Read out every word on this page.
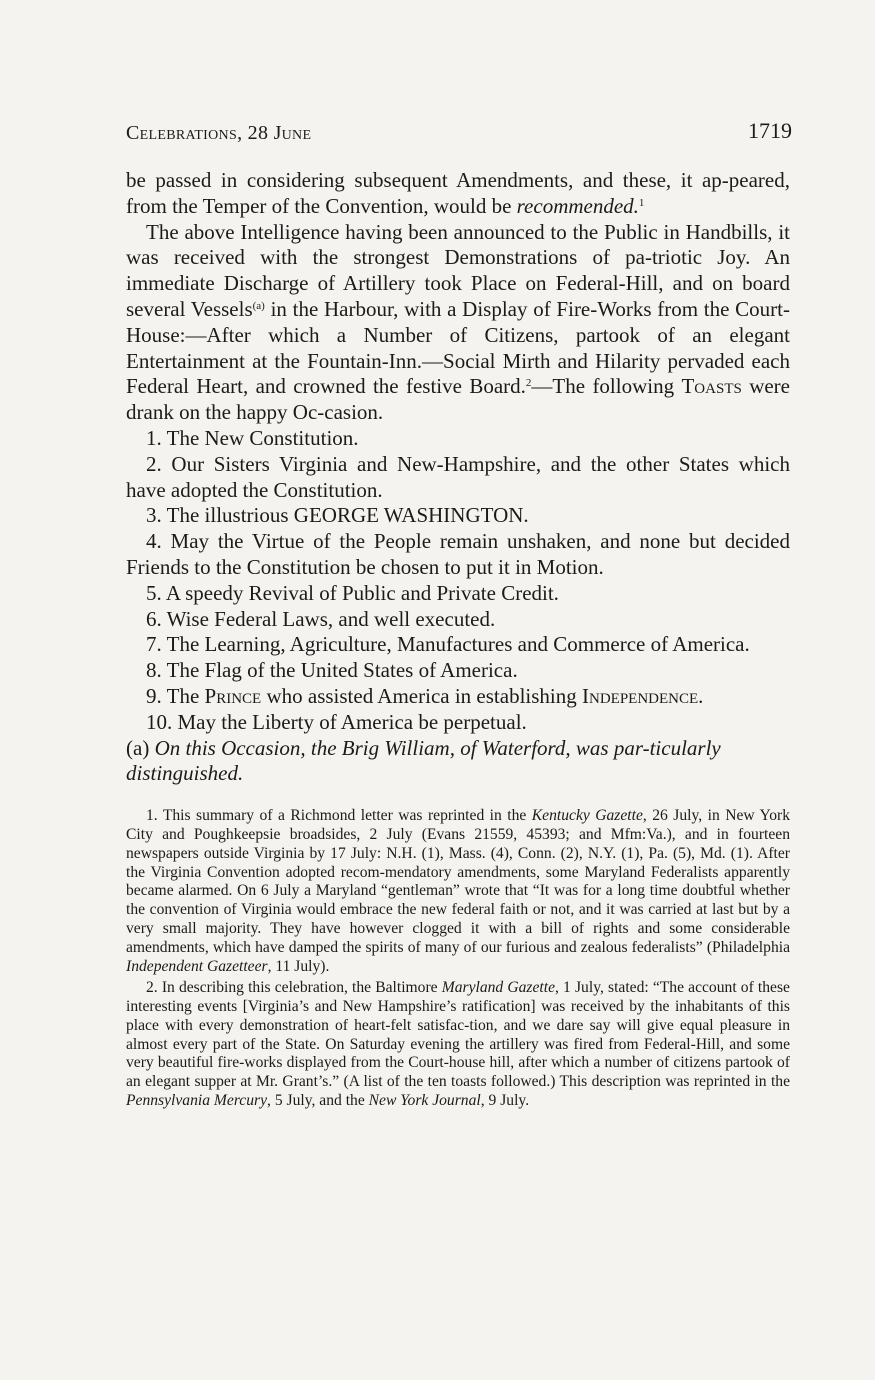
Celebrations, 28 June	1719

be passed in considering subsequent Amendments, and these, it ap-peared, from the Temper of the Convention, would be recommended.$^1$

The above Intelligence having been announced to the Public in Handbills, it was received with the strongest Demonstrations of pa-triotic Joy. An immediate Discharge of Artillery took Place on Federal-Hill, and on board several Vessels$^{(a)}$ in the Harbour, with a Display of Fire-Works from the Court-House:—After which a Number of Citizens, partook of an elegant Entertainment at the Fountain-Inn.—Social Mirth and Hilarity pervaded each Federal Heart, and crowned the festive Board.$^2$—The following Toasts were drank on the happy Oc-casion.

1. The New Constitution.

2. Our Sisters Virginia and New-Hampshire, and the other States which have adopted the Constitution.

3. The illustrious GEORGE WASHINGTON.

4. May the Virtue of the People remain unshaken, and none but decided Friends to the Constitution be chosen to put it in Motion.

5. A speedy Revival of Public and Private Credit.

6. Wise Federal Laws, and well executed.

7. The Learning, Agriculture, Manufactures and Commerce of America.

8. The Flag of the United States of America.

9. The Prince who assisted America in establishing Independence.

10. May the Liberty of America be perpetual.

(a) On this Occasion, the Brig William, of Waterford, was par-ticularly distinguished.

1. This summary of a Richmond letter was reprinted in the Kentucky Gazette, 26 July, in New York City and Poughkeepsie broadsides, 2 July (Evans 21559, 45393; and Mfm:Va.), and in fourteen newspapers outside Virginia by 17 July: N.H. (1), Mass. (4), Conn. (2), N.Y. (1), Pa. (5), Md. (1). After the Virginia Convention adopted recom-mendatory amendments, some Maryland Federalists apparently became alarmed. On 6 July a Maryland “gentleman” wrote that “It was for a long time doubtful whether the convention of Virginia would embrace the new federal faith or not, and it was carried at last but by a very small majority. They have however clogged it with a bill of rights and some considerable amendments, which have damped the spirits of many of our furious and zealous federalists” (Philadelphia Independent Gazetteer, 11 July).

2. In describing this celebration, the Baltimore Maryland Gazette, 1 July, stated: “The account of these interesting events [Virginia’s and New Hampshire’s ratification] was received by the inhabitants of this place with every demonstration of heart-felt satisfac-tion, and we dare say will give equal pleasure in almost every part of the State. On Saturday evening the artillery was fired from Federal-Hill, and some very beautiful fire-works displayed from the Court-house hill, after which a number of citizens partook of an elegant supper at Mr. Grant’s.” (A list of the ten toasts followed.) This description was reprinted in the Pennsylvania Mercury, 5 July, and the New York Journal, 9 July.
